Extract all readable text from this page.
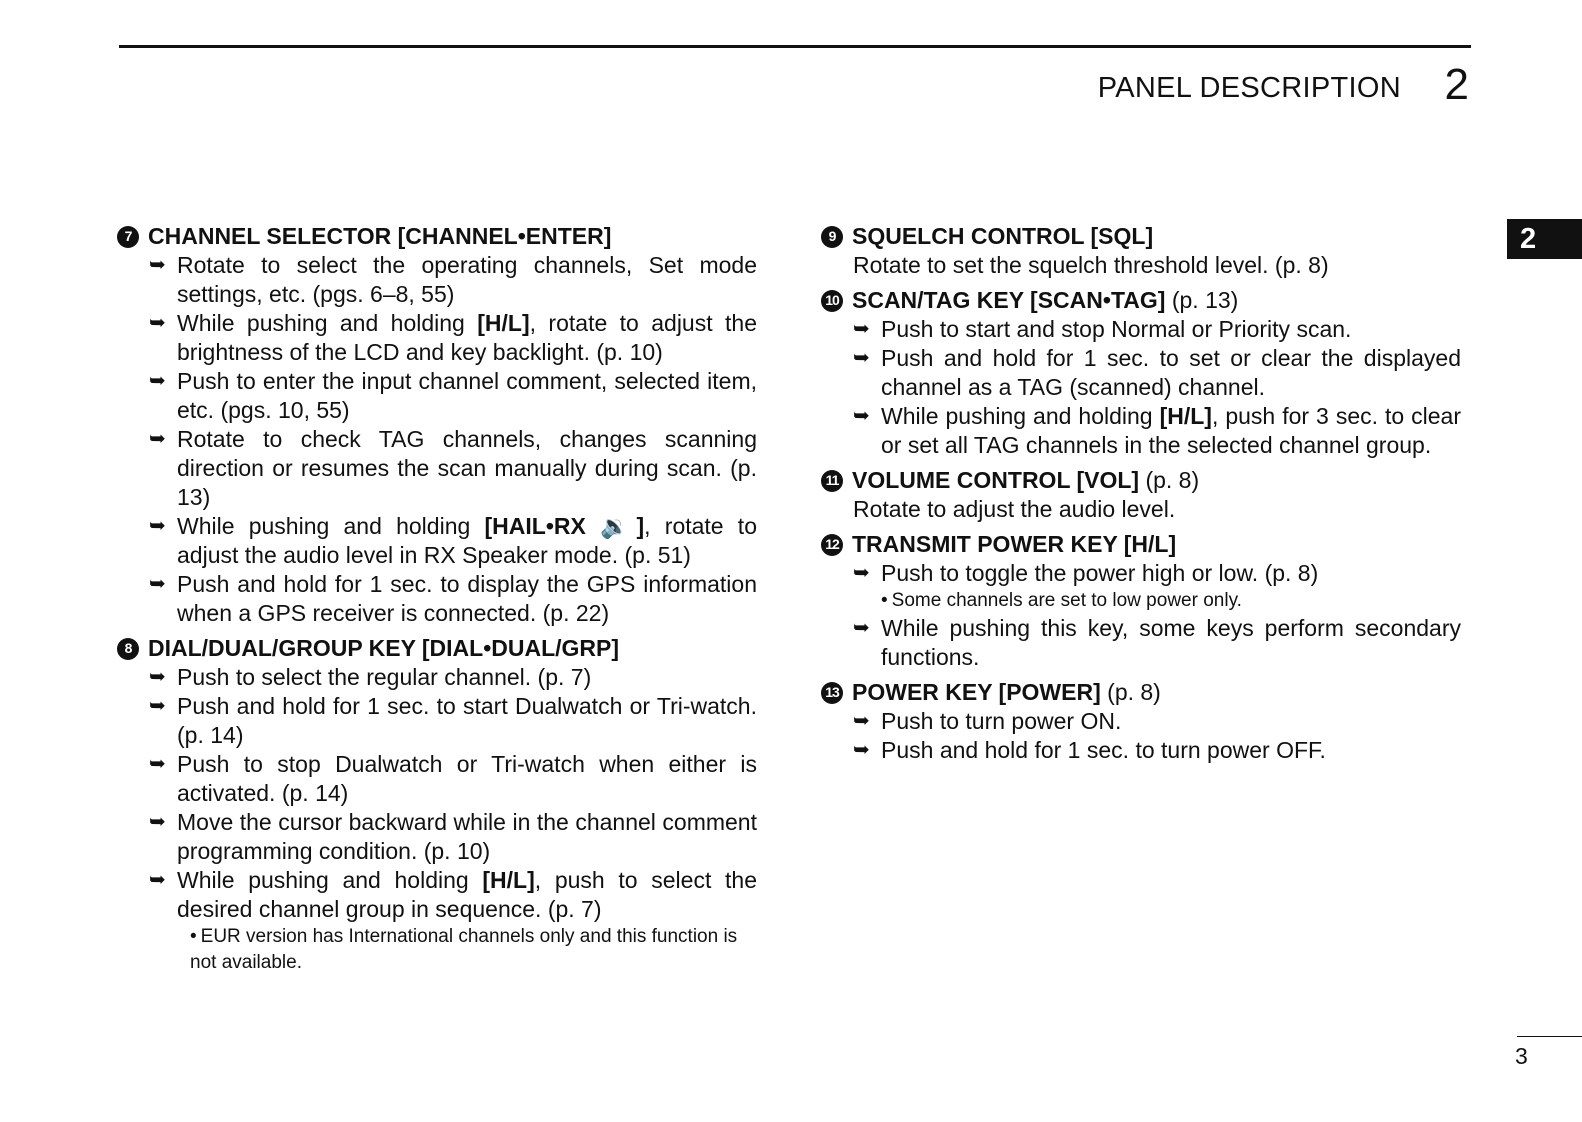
PANEL DESCRIPTION 2
2
7 CHANNEL SELECTOR [CHANNEL•ENTER]
➥ Rotate to select the operating channels, Set mode settings, etc. (pgs. 6–8, 55)
➥ While pushing and holding [H/L], rotate to adjust the brightness of the LCD and key backlight. (p. 10)
➥ Push to enter the input channel comment, selected item, etc. (pgs. 10, 55)
➥ Rotate to check TAG channels, changes scanning direction or resumes the scan manually during scan. (p. 13)
➥ While pushing and holding [HAIL•RX 🔉], rotate to adjust the audio level in RX Speaker mode. (p. 51)
➥ Push and hold for 1 sec. to display the GPS information when a GPS receiver is connected. (p. 22)
8 DIAL/DUAL/GROUP KEY [DIAL•DUAL/GRP]
➥ Push to select the regular channel. (p. 7)
➥ Push and hold for 1 sec. to start Dualwatch or Tri-watch. (p. 14)
➥ Push to stop Dualwatch or Tri-watch when either is activated. (p. 14)
➥ Move the cursor backward while in the channel comment programming condition. (p. 10)
➥ While pushing and holding [H/L], push to select the desired channel group in sequence. (p. 7)
• EUR version has International channels only and this function is not available.
9 SQUELCH CONTROL [SQL]
Rotate to set the squelch threshold level. (p. 8)
10 SCAN/TAG KEY [SCAN•TAG] (p. 13)
➥ Push to start and stop Normal or Priority scan.
➥ Push and hold for 1 sec. to set or clear the displayed channel as a TAG (scanned) channel.
➥ While pushing and holding [H/L], push for 3 sec. to clear or set all TAG channels in the selected channel group.
11 VOLUME CONTROL [VOL] (p. 8)
Rotate to adjust the audio level.
12 TRANSMIT POWER KEY [H/L]
➥ Push to toggle the power high or low. (p. 8)
• Some channels are set to low power only.
➥ While pushing this key, some keys perform secondary functions.
13 POWER KEY [POWER] (p. 8)
➥ Push to turn power ON.
➥ Push and hold for 1 sec. to turn power OFF.
3
